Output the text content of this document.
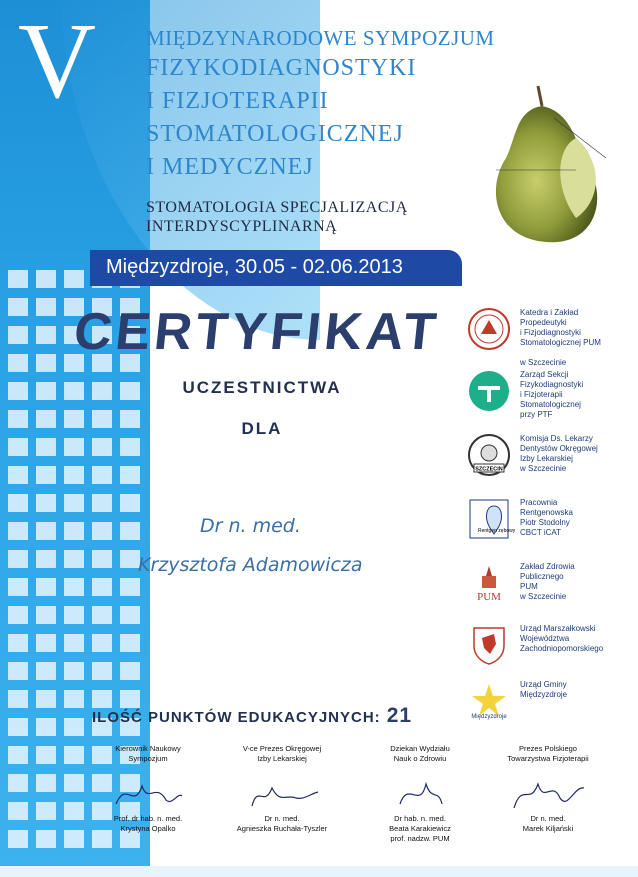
V MIĘDZYNARODOWE SYMPOZJUM

FIZYKODIAGNOSTYKI

I FIZJOTERAPII

STOMATOLOGICZNEJ

I MEDYCZNEJ

STOMATOLOGIA SPECJALIZACJĄ
INTERDYSCYPLINARNĄ
Międzyzdroje, 30.05 - 02.06.2013
CERTYFIKAT
UCZESTNICTWA
DLA
Dr n. med.
Krzysztofa Adamowicza
ILOŚĆ PUNKTÓW EDUKACYJNYCH: 21
Katedra i Zakład
Propedeutyki
i Fizjodiagnostyki
Stomatologicznej PUM

w Szczecinie
Zarząd Sekcji
Fizykodiagnostyki
i Fizjoterapii
Stomatologicznej
przy PTF
SZCZECIN
Komisja Ds. Lekarzy
Dentystów Okręgowej
Izby Lekarskiej
w Szczecinie
Rentgen zębowy
Pracownia
Rentgenowska
Piotr Stodolny
CBCT iCAT
PUM
Zakład Zdrowia
Publicznego
PUM
w Szczecinie
Urząd Marszałkowski
Województwa
Zachodniopomorskiego
Międzyzdroje
Urząd Gminy
Międzyzdroje
Kierownik Naukowy
Sympozjum
Prof. dr hab. n. med.
Krystyna Opalko
V-ce Prezes Okręgowej
Izby Lekarskiej
Dr n. med.
Agnieszka Ruchała-Tyszler
Dziekan Wydziału
Nauk o Zdrowiu
Dr hab. n. med.
Beata Karakiewicz
prof. nadzw. PUM
Prezes Polskiego
Towarzystwa Fizjoterapii
Dr n. med.
Marek Kiljański
